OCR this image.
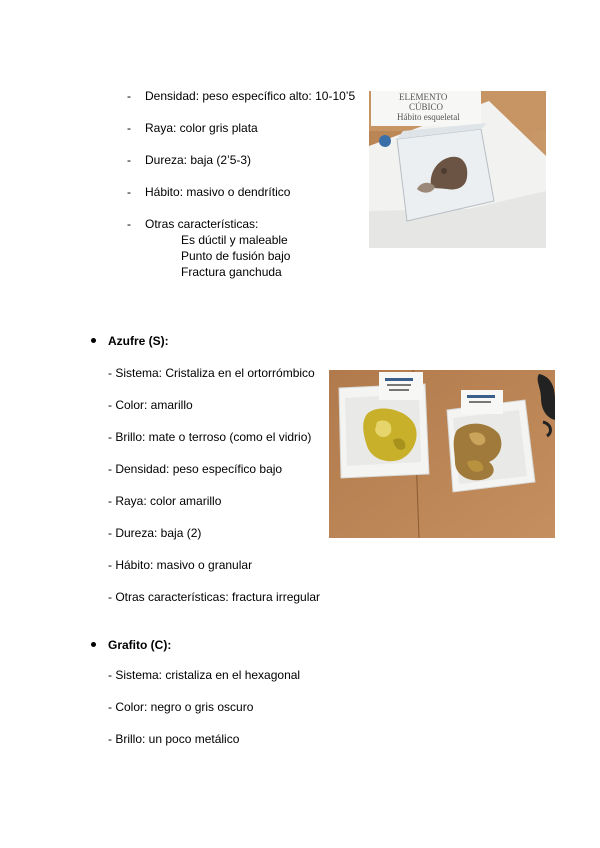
- Densidad: peso específico alto: 10-10’5
- Raya: color gris plata
- Dureza: baja (2’5-3)
- Hábito: masivo o dendrítico
- Otras características:
Es dúctil y maleable
Punto de fusión bajo
Fractura ganchuda
ELEMENTO
CÚBICO
Hábito esqueletal
Azufre (S):
- Sistema: Cristaliza en el ortorrómbico
- Color: amarillo
- Brillo: mate o terroso (como el vidrio)
- Densidad: peso específico bajo
- Raya: color amarillo
- Dureza: baja (2)
- Hábito: masivo o granular
- Otras características: fractura irregular
Grafito (C):
- Sistema: cristaliza en el hexagonal
- Color: negro o gris oscuro
- Brillo: un poco metálico
